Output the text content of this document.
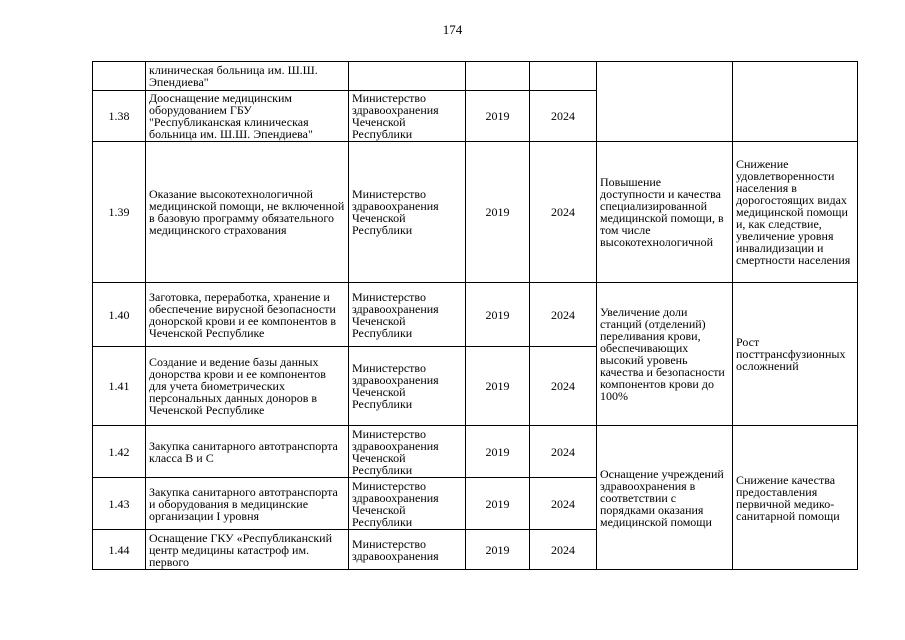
174
	клиническая больница им. Ш.Ш. Эпендиева"					
1.38	Дооснащение медицинским оборудованием ГБУ "Республиканская клиническая больница им. Ш.Ш. Эпендиева"	Министерство здравоохранения Чеченской Республики	2019	2024		
1.39	Оказание высокотехнологичной медицинской помощи, не включенной в базовую программу обязательного медицинского страхования	Министерство здравоохранения Чеченской Республики	2019	2024	Повышение доступности и качества специализированной медицинской помощи, в том числе высокотехнологичной	Снижение удовлетворенности населения в дорогостоящих видах медицинской помощи и, как следствие, увеличение уровня инвалидизации и смертности населения
1.40	Заготовка, переработка, хранение и обеспечение вирусной безопасности донорской крови и ее компонентов в Чеченской Республике	Министерство здравоохранения Чеченской Республики	2019	2024	Увеличение доли станций (отделений) переливания крови, обеспечивающих высокий уровень качества и безопасности компонентов крови до 100%	Рост посттрансфузионных осложнений
1.41	Создание и ведение базы данных донорства крови и ее компонентов для учета биометрических персональных данных доноров в Чеченской Республике	Министерство здравоохранения Чеченской Республики	2019	2024		
1.42	Закупка санитарного автотранспорта класса В и С	Министерство здравоохранения Чеченской Республики	2019	2024	Оснащение учреждений здравоохранения в соответствии с порядками оказания медицинской помощи	Снижение качества предоставления первичной медико-санитарной помощи
1.43	Закупка санитарного автотранспорта и оборудования в медицинские организации I уровня	Министерство здравоохранения Чеченской Республики	2019	2024		
1.44	Оснащение ГКУ «Республиканский центр медицины катастроф им. первого	Министерство здравоохранения	2019	2024		
